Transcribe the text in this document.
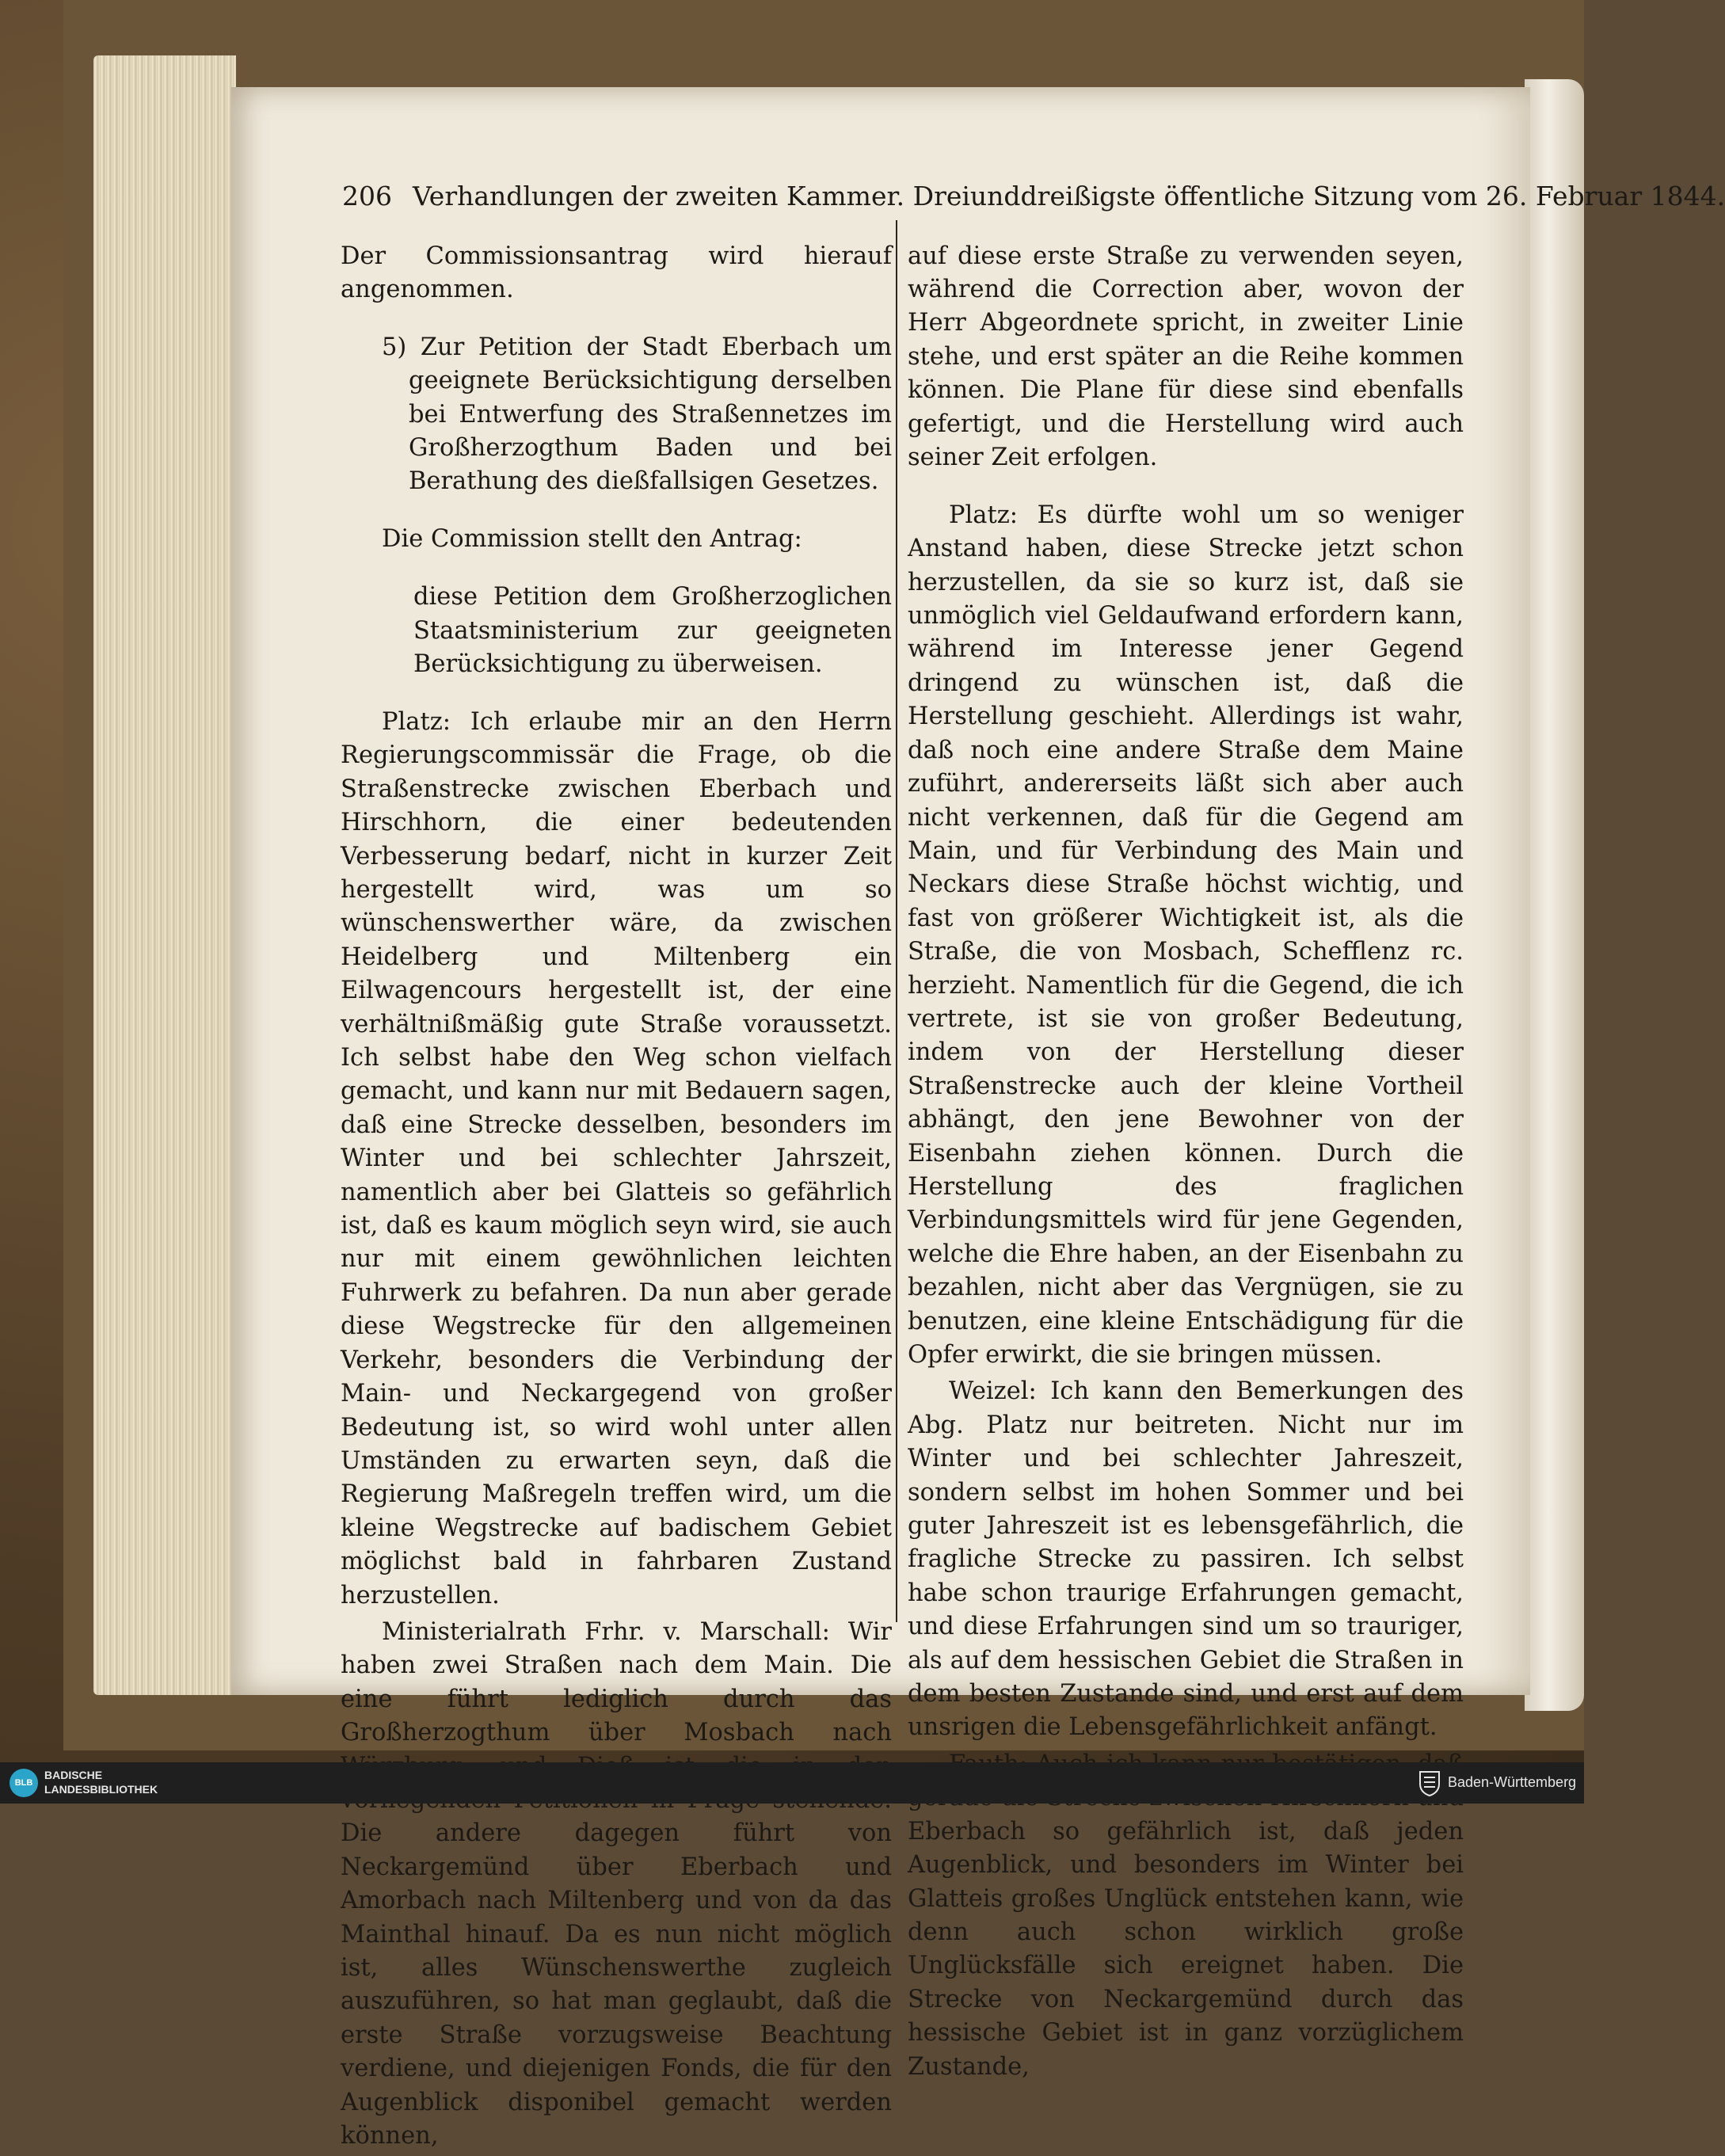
206 Verhandlungen der zweiten Kammer. Dreiunddreißigste öffentliche Sitzung vom 26. Februar 1844.

Der Commissionsantrag wird hierauf angenommen.

5) Zur Petition der Stadt Eberbach um geeignete Berücksichtigung derselben bei Entwerfung des Straßennetzes im Großherzogthum Baden und bei Berathung des dießfallsigen Gesetzes.

Die Commission stellt den Antrag:

diese Petition dem Großherzoglichen Staatsministerium zur geeigneten Berücksichtigung zu überweisen.

Platz: Ich erlaube mir an den Herrn Regierungscommissär die Frage, ob die Straßenstrecke zwischen Eberbach und Hirschhorn, die einer bedeutenden Verbesserung bedarf, nicht in kurzer Zeit hergestellt wird, was um so wünschenswerther wäre, da zwischen Heidelberg und Miltenberg ein Eilwagencours hergestellt ist, der eine verhältnißmäßig gute Straße voraussetzt. Ich selbst habe den Weg schon vielfach gemacht, und kann nur mit Bedauern sagen, daß eine Strecke desselben, besonders im Winter und bei schlechter Jahrszeit, namentlich aber bei Glatteis so gefährlich ist, daß es kaum möglich seyn wird, sie auch nur mit einem gewöhnlichen leichten Fuhrwerk zu befahren. Da nun aber gerade diese Wegstrecke für den allgemeinen Verkehr, besonders die Verbindung der Main- und Neckargegend von großer Bedeutung ist, so wird wohl unter allen Umständen zu erwarten seyn, daß die Regierung Maßregeln treffen wird, um die kleine Wegstrecke auf badischem Gebiet möglichst bald in fahrbaren Zustand herzustellen.

Ministerialrath Frhr. v. Marschall: Wir haben zwei Straßen nach dem Main. Die eine führt lediglich durch das Großherzogthum über Mosbach nach Die andere dagegen führt von Neckargemünd über Eberbach und Amorbach nach Miltenberg und von da das Mainthal hinauf. Da es nun nicht möglich ist, alles Wünschenswerthe zugleich auszuführen, so hat man geglaubt, daß die erste Straße vorzugsweise Beachtung verdiene, und diejenigen Fonds, die für den Augenblick disponibel gemacht werden können,

auf diese erste Straße zu verwenden seyen, während die Correction aber, wovon der Herr Abgeordnete spricht, in zweiter Linie stehe, und erst später an die Reihe kommen können. Die Plane für diese sind ebenfalls gefertigt, und die Herstellung wird auch seiner Zeit erfolgen.

Platz: Es dürfte wohl um so weniger Anstand haben, diese Strecke jetzt schon herzustellen, da sie so kurz ist, daß sie unmöglich viel Geldaufwand erfordern kann, während im Interesse jener Gegend dringend zu wünschen ist, daß die Herstellung geschieht. Allerdings ist wahr, daß noch eine andere Straße dem Maine zuführt, andererseits läßt sich aber auch nicht verkennen, daß für die Gegend am Main, und für Verbindung des Main und Neckars diese Straße höchst wichtig, und fast von größerer Wichtigkeit ist, als die Straße, die von Mosbach, Schefflenz rc. herzieht. Namentlich für die Gegend, die ich vertrete, ist sie von großer Bedeutung, indem von der Herstellung dieser Straßenstrecke auch der kleine Vortheil abhängt, den jene Bewohner von der Eisenbahn ziehen können. Durch die Herstellung des fraglichen Verbindungsmittels wird für jene Gegenden, welche die Ehre haben, an der Eisenbahn zu bezahlen, nicht aber das Vergnügen, sie zu benutzen, eine kleine Entschädigung für die Opfer erwirkt, die sie bringen müssen.

Weizel: Ich kann den Bemerkungen des Abg. Platz nur beitreten. Nicht nur im Winter und bei schlechter Jahreszeit, sondern selbst im hohen Sommer und bei guter Jahreszeit ist es lebensgefährlich, die fragliche Strecke zu passiren. Ich selbst habe schon traurige Erfahrungen gemacht, und diese Erfahrungen sind um so trauriger, als auf dem hessischen Gebiet die Straßen in dem besten Zustande sind, und erst auf dem unsrigen die Lebensgefährlichkeit anfängt.

Eberbach so gefährlich ist, daß jeden Augenblick, und besonders im Winter bei Glatteis großes Unglück entstehen kann, wie denn auch schon wirklich große Unglücksfälle sich ereignet haben. Die Strecke von Neckargemünd durch das hessische Gebiet ist in ganz vorzüglichem Zustande,

BLB
BADISCHE
LANDESBIBLIOTHEK	Baden-Württemberg
